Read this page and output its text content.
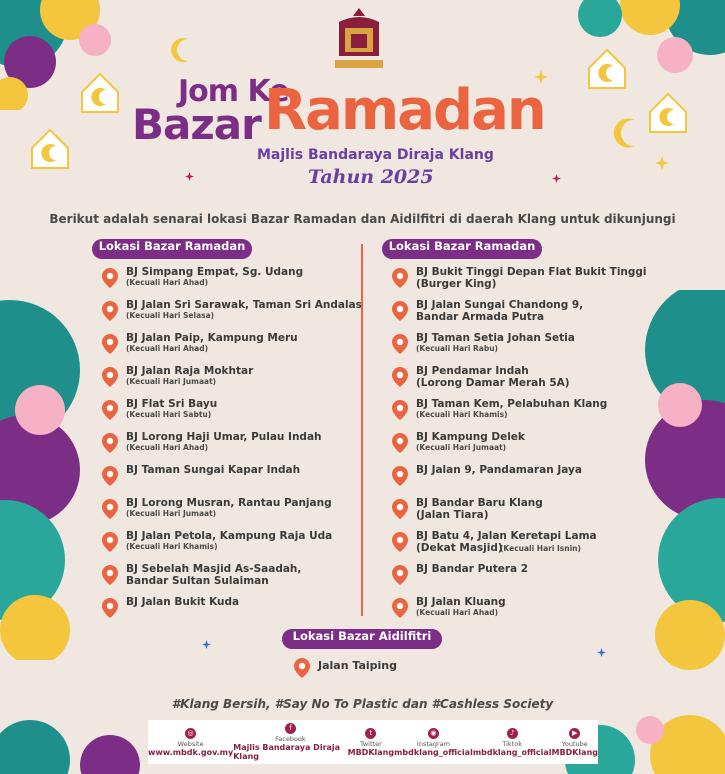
Jom Ke
Bazar Ramadan
Majlis Bandaraya Diraja Klang
Tahun 2025
Berikut adalah senarai lokasi Bazar Ramadan dan Aidilfitri di daerah Klang untuk dikunjungi
Lokasi Bazar Ramadan	Lokasi Bazar Ramadan
BJ Simpang Empat, Sg. Udang
(Kecuali Hari Ahad)
BJ Jalan Sri Sarawak, Taman Sri Andalas
(Kecuali Hari Selasa)
BJ Jalan Paip, Kampung Meru
(Kecuali Hari Ahad)
BJ Jalan Raja Mokhtar
(Kecuali Hari Jumaat)
BJ Flat Sri Bayu
(Kecuali Hari Sabtu)
BJ Lorong Haji Umar, Pulau Indah
(Kecuali Hari Ahad)
BJ Taman Sungai Kapar Indah
BJ Lorong Musran, Rantau Panjang
(Kecuali Hari Jumaat)
BJ Jalan Petola, Kampung Raja Uda
(Kecuali Hari Khamis)
BJ Sebelah Masjid As-Saadah,
Bandar Sultan Sulaiman
BJ Jalan Bukit Kuda
BJ Bukit Tinggi Depan Flat Bukit Tinggi
(Burger King)
BJ Jalan Sungai Chandong 9,
Bandar Armada Putra
BJ Taman Setia Johan Setia
(Kecuali Hari Rabu)
BJ Pendamar Indah
(Lorong Damar Merah 5A)
BJ Taman Kem, Pelabuhan Klang
(Kecuali Hari Khamis)
BJ Kampung Delek
(Kecuali Hari Jumaat)
BJ Jalan 9, Pandamaran Jaya
BJ Bandar Baru Klang
(Jalan Tiara)
BJ Batu 4, Jalan Keretapi Lama
(Dekat Masjid)
(Kecuali Hari Isnin)
BJ Bandar Putera 2
BJ Jalan Kluang
(Kecuali Hari Ahad)
Lokasi Bazar Aidilfitri
Jalan Taiping
#Klang Bersih, #Say No To Plastic dan #Cashless Society
◎
Website
www.mbdk.gov.my
f
Facebook
Majlis Bandaraya Diraja Klang
t
Twitter
MBDKlang
◉
Instagram
mbdklang_official
♪
Tiktok
mbdklang_official
▶
Youtube
MBDKlang
